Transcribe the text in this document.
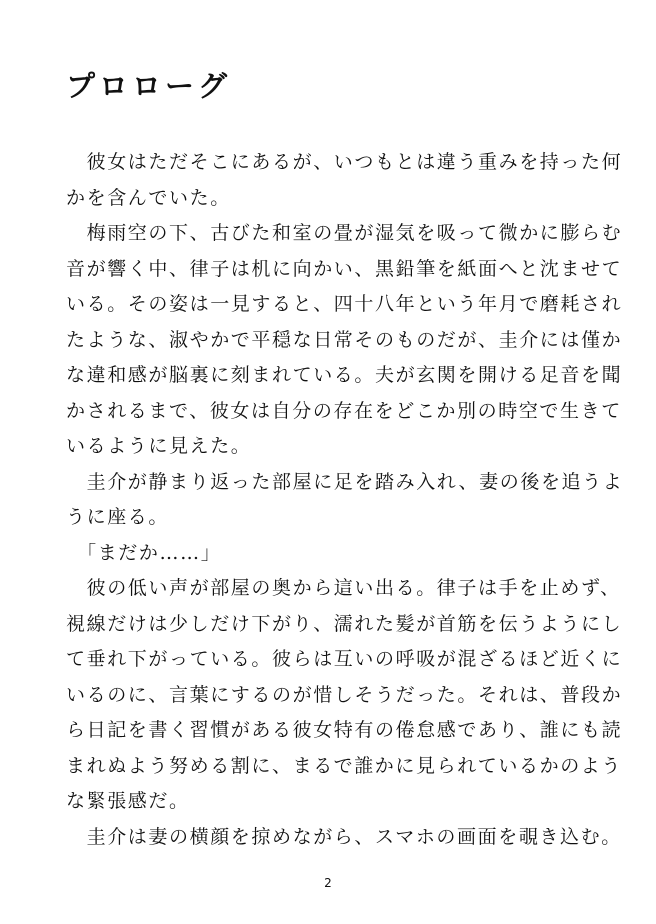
プロローグ
　彼女はただそこにあるが、いつもとは違う重みを持った何
かを含んでいた。
　梅雨空の下、古びた和室の畳が湿気を吸って微かに膨らむ
音が響く中、律子は机に向かい、黒鉛筆を紙面へと沈ませて
いる。その姿は一見すると、四十八年という年月で磨耗され
たような、淑やかで平穏な日常そのものだが、圭介には僅か
な違和感が脳裏に刻まれている。夫が玄関を開ける足音を聞
かされるまで、彼女は自分の存在をどこか別の時空で生きて
いるように見えた。
　圭介が静まり返った部屋に足を踏み入れ、妻の後を追うよ
うに座る。
　「まだか……」
　彼の低い声が部屋の奥から這い出る。律子は手を止めず、
視線だけは少しだけ下がり、濡れた髪が首筋を伝うようにし
て垂れ下がっている。彼らは互いの呼吸が混ざるほど近くに
いるのに、言葉にするのが惜しそうだった。それは、普段か
ら日記を書く習慣がある彼女特有の倦怠感であり、誰にも読
まれぬよう努める割に、まるで誰かに見られているかのよう
な緊張感だ。
　圭介は妻の横顔を掠めながら、スマホの画面を覗き込む。
2
